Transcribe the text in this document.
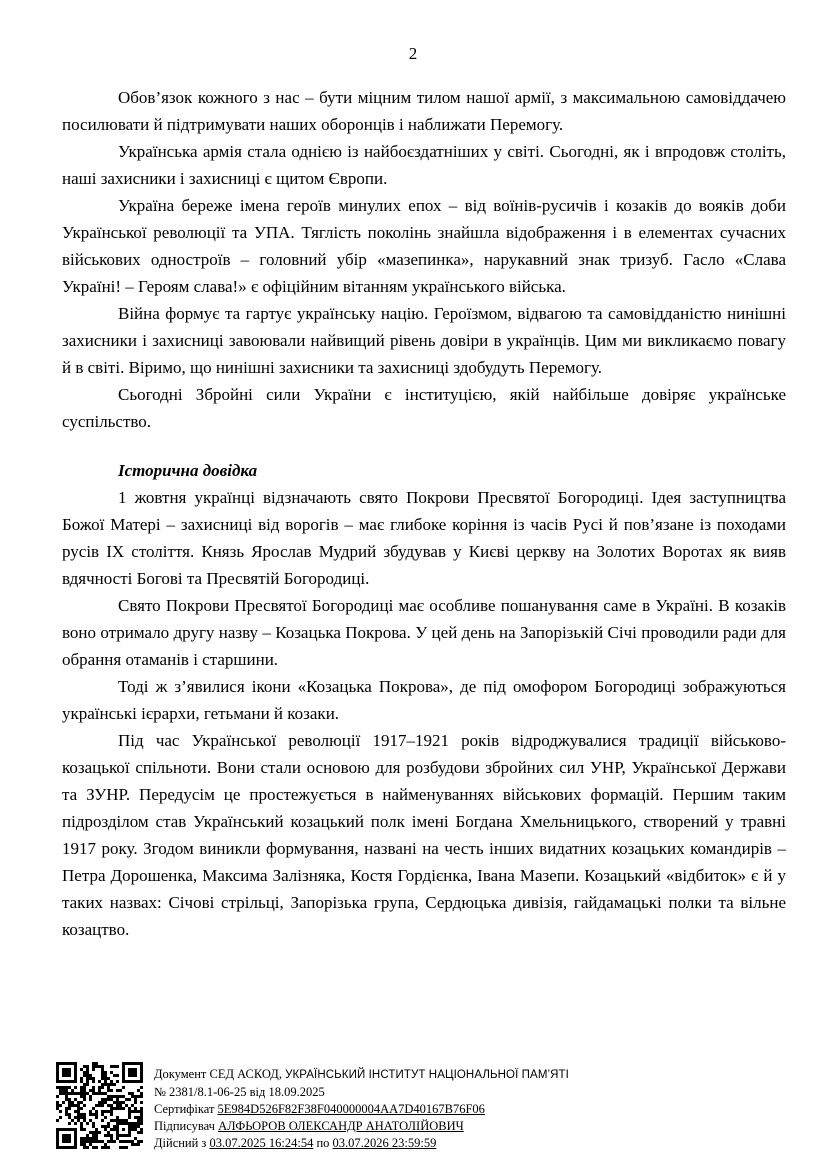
2

Обов’язок кожного з нас – бути міцним тилом нашої армії, з максимальною самовіддачею посилювати й підтримувати наших оборонців і наближати Перемогу.

Українська армія стала однією із найбоєздатніших у світі. Сьогодні, як і впродовж століть, наші захисники і захисниці є щитом Європи.

Україна береже імена героїв минулих епох – від воїнів-русичів і козаків до вояків доби Української революції та УПА. Тяглість поколінь знайшла відображення і в елементах сучасних військових одностроїв – головний убір «мазепинка», нарукавний знак тризуб. Гасло «Слава Україні! – Героям слава!» є офіційним вітанням українського війська.

Війна формує та гартує українську націю. Героїзмом, відвагою та самовідданістю нинішні захисники і захисниці завоювали найвищий рівень довіри в українців. Цим ми викликаємо повагу й в світі. Віримо, що нинішні захисники та захисниці здобудуть Перемогу.

Сьогодні Збройні сили України є інституцією, якій найбільше довіряє українське суспільство.

Історична довідка

1 жовтня українці відзначають свято Покрови Пресвятої Богородиці. Ідея заступництва Божої Матері – захисниці від ворогів – має глибоке коріння із часів Русі й пов’язане із походами русів IX століття. Князь Ярослав Мудрий збудував у Києві церкву на Золотих Воротах як вияв вдячності Богові та Пресвятій Богородиці.

Свято Покрови Пресвятої Богородиці має особливе пошанування саме в Україні. В козаків воно отримало другу назву – Козацька Покрова. У цей день на Запорізькій Січі проводили ради для обрання отаманів і старшини.

Тоді ж з’явилися ікони «Козацька Покрова», де під омофором Богородиці зображуються українські ієрархи, гетьмани й козаки.

Під час Української революції 1917–1921 років відроджувалися традиції військово-козацької спільноти. Вони стали основою для розбудови збройних сил УНР, Української Держави та ЗУНР. Передусім це простежується в найменуваннях військових формацій. Першим таким підрозділом став Український козацький полк імені Богдана Хмельницького, створений у травні 1917 року. Згодом виникли формування, названі на честь інших видатних козацьких командирів – Петра Дорошенка, Максима Залізняка, Костя Гордієнка, Івана Мазепи. Козацький «відбиток» є й у таких назвах: Січові стрільці, Запорізька група, Сердюцька дивізія, гайдамацькі полки та вільне козацтво.

Документ СЕД АСКОД, УКРАЇНСЬКИЙ ІНСТИТУТ НАЦІОНАЛЬНОЇ ПАМ’ЯТІ
№ 2381/8.1-06-25 від 18.09.2025
Сертифікат 5E984D526F82F38F040000004AA7D40167B76F06
Підписувач АЛФЬОРОВ ОЛЕКСАНДР АНАТОЛІЙОВИЧ
Дійсний з 03.07.2025 16:24:54 по 03.07.2026 23:59:59
